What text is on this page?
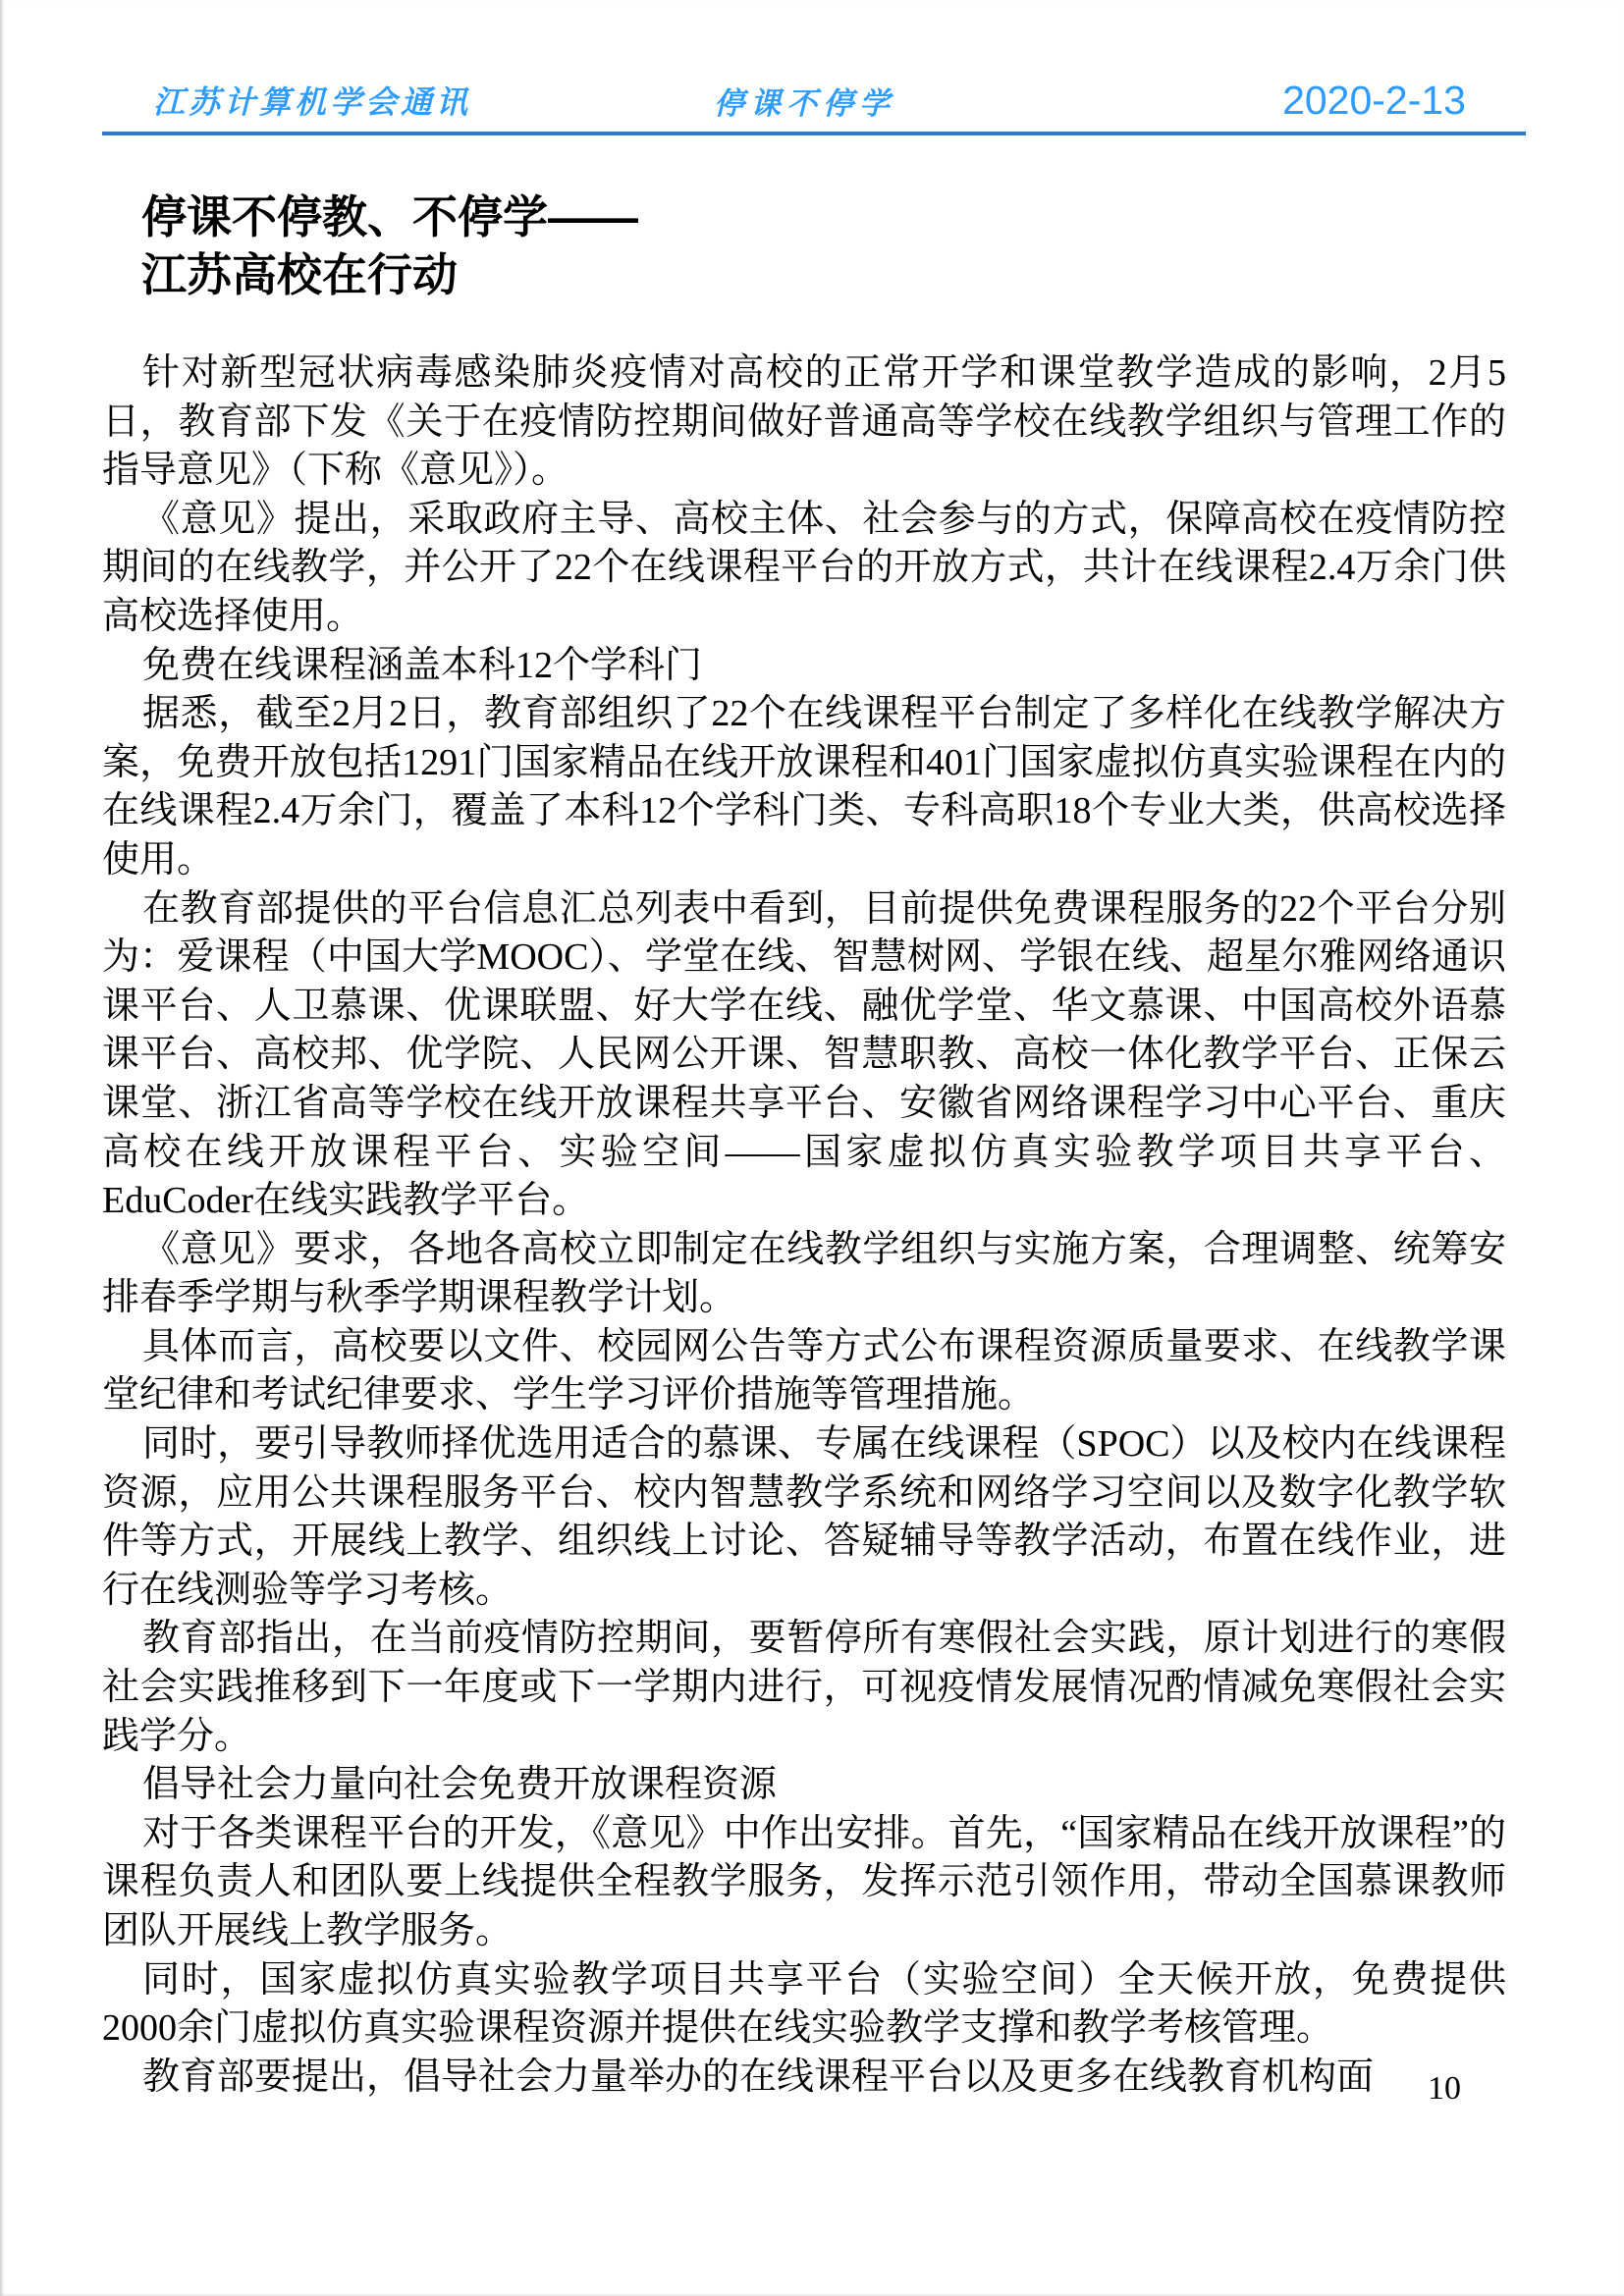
江苏计算机学会通讯	停课不停学	2020-2-13
停课不停教、不停学——
江苏高校在行动

针对新型冠状病毒感染肺炎疫情对高校的正常开学和课堂教学造成的影响，2月5日，教育部下发《关于在疫情防控期间做好普通高等学校在线教学组织与管理工作的指导意见》（下称《意见》）。

《意见》提出，采取政府主导、高校主体、社会参与的方式，保障高校在疫情防控期间的在线教学，并公开了22个在线课程平台的开放方式，共计在线课程2.4万余门供高校选择使用。

免费在线课程涵盖本科12个学科门

据悉，截至2月2日，教育部组织了22个在线课程平台制定了多样化在线教学解决方案，免费开放包括1291门国家精品在线开放课程和401门国家虚拟仿真实验课程在内的在线课程2.4万余门，覆盖了本科12个学科门类、专科高职18个专业大类，供高校选择使用。

在教育部提供的平台信息汇总列表中看到，目前提供免费课程服务的22个平台分别为：爱课程（中国大学MOOC）、学堂在线、智慧树网、学银在线、超星尔雅网络通识课平台、人卫慕课、优课联盟、好大学在线、融优学堂、华文慕课、中国高校外语慕课平台、高校邦、优学院、人民网公开课、智慧职教、高校一体化教学平台、正保云课堂、浙江省高等学校在线开放课程共享平台、安徽省网络课程学习中心平台、重庆高校在线开放课程平台、实验空间——国家虚拟仿真实验教学项目共享平台、EduCoder在线实践教学平台。

《意见》要求，各地各高校立即制定在线教学组织与实施方案，合理调整、统筹安排春季学期与秋季学期课程教学计划。

具体而言，高校要以文件、校园网公告等方式公布课程资源质量要求、在线教学课堂纪律和考试纪律要求、学生学习评价措施等管理措施。

同时，要引导教师择优选用适合的慕课、专属在线课程（SPOC）以及校内在线课程资源，应用公共课程服务平台、校内智慧教学系统和网络学习空间以及数字化教学软件等方式，开展线上教学、组织线上讨论、答疑辅导等教学活动，布置在线作业，进行在线测验等学习考核。

教育部指出，在当前疫情防控期间，要暂停所有寒假社会实践，原计划进行的寒假社会实践推移到下一年度或下一学期内进行，可视疫情发展情况酌情减免寒假社会实践学分。

倡导社会力量向社会免费开放课程资源

对于各类课程平台的开发，《意见》中作出安排。首先，“国家精品在线开放课程”的课程负责人和团队要上线提供全程教学服务，发挥示范引领作用，带动全国慕课教师团队开展线上教学服务。

同时，国家虚拟仿真实验教学项目共享平台（实验空间）全天候开放，免费提供2000余门虚拟仿真实验课程资源并提供在线实验教学支撑和教学考核管理。

教育部要提出，倡导社会力量举办的在线课程平台以及更多在线教育机构面	10
